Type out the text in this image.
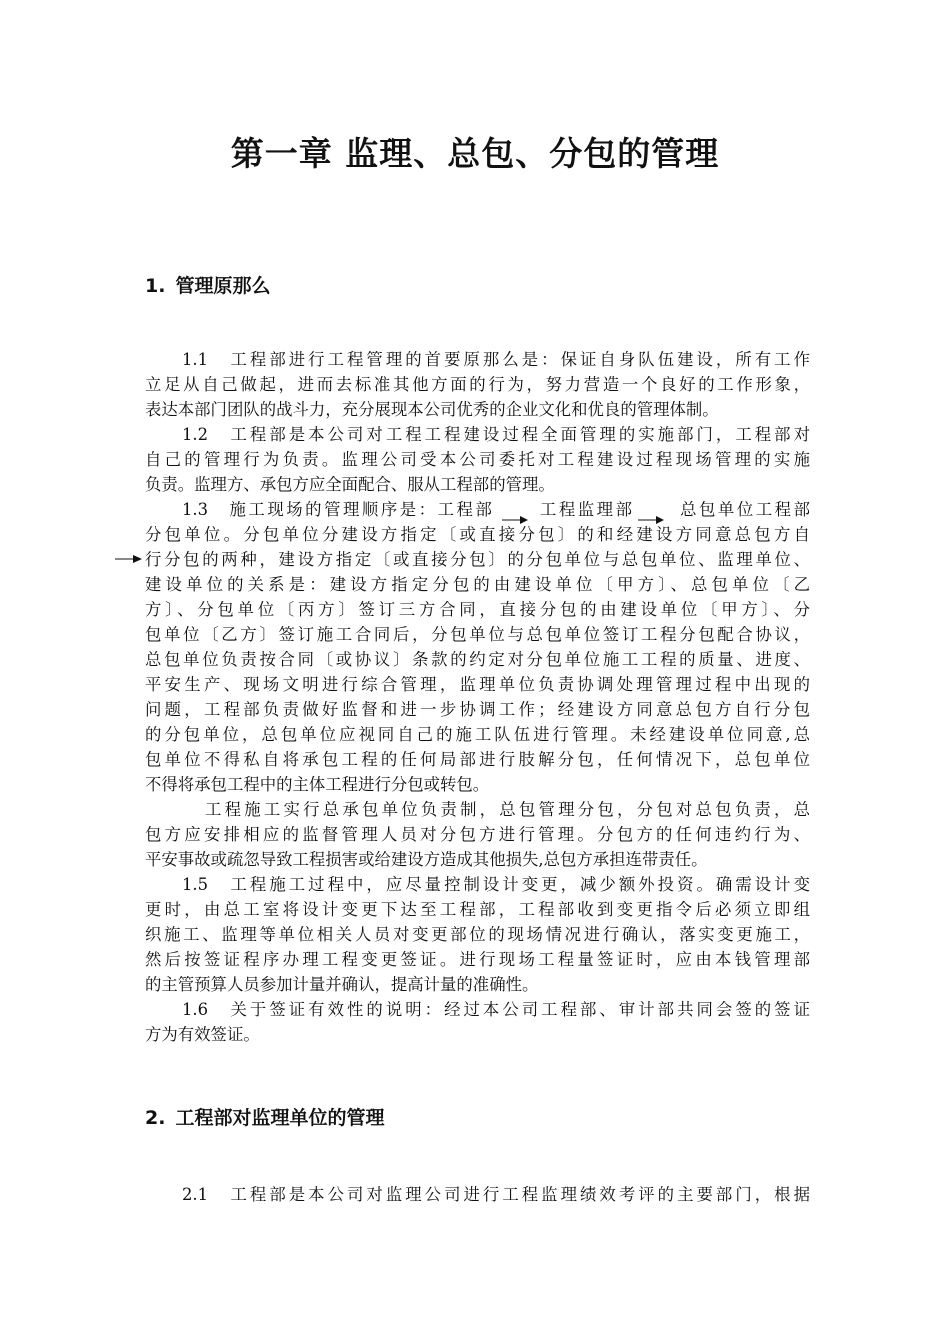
第一章 监理、总包、分包的管理
1. 管理原那么
2. 工程部对监理单位的管理

1.1　工程部进行工程管理的首要原那么是：保证自身队伍建设，所有工作

立足从自己做起，进而去标准其他方面的行为，努力营造一个良好的工作形象，

表达本部门团队的战斗力，充分展现本公司优秀的企业文化和优良的管理体制。

1.2　工程部是本公司对工程工程建设过程全面管理的实施部门，工程部对

自己的管理行为负责。监理公司受本公司委托对工程建设过程现场管理的实施

负责。监理方、承包方应全面配合、服从工程部的管理。

1.3　施工现场的管理顺序是：工程部　　 工程监理部　　 总包单位工程部

分包单位。分包单位分建设方指定〔或直接分包〕的和经建设方同意总包方自

行分包的两种，建设方指定〔或直接分包〕的分包单位与总包单位、监理单位、

建设单位的关系是：建设方指定分包的由建设单位〔甲方〕、总包单位〔乙

方〕、分包单位〔丙方〕签订三方合同，直接分包的由建设单位〔甲方〕、分

包单位〔乙方〕签订施工合同后，分包单位与总包单位签订工程分包配合协议，

总包单位负责按合同〔或协议〕条款的约定对分包单位施工工程的质量、进度、

平安生产、现场文明进行综合管理，监理单位负责协调处理管理过程中出现的

问题，工程部负责做好监督和进一步协调工作；经建设方同意总包方自行分包

的分包单位，总包单位应视同自己的施工队伍进行管理。未经建设单位同意,总

包单位不得私自将承包工程的任何局部进行肢解分包，任何情况下，总包单位

不得将承包工程中的主体工程进行分包或转包。

工程施工实行总承包单位负责制，总包管理分包，分包对总包负责，总

包方应安排相应的监督管理人员对分包方进行管理。分包方的任何违约行为、

平安事故或疏忽导致工程损害或给建设方造成其他损失,总包方承担连带责任。

1.5　工程施工过程中，应尽量控制设计变更，减少额外投资。确需设计变

更时，由总工室将设计变更下达至工程部，工程部收到变更指令后必须立即组

织施工、监理等单位相关人员对变更部位的现场情况进行确认，落实变更施工，

然后按签证程序办理工程变更签证。进行现场工程量签证时，应由本钱管理部

的主管预算人员参加计量并确认，提高计量的准确性。

1.6　关于签证有效性的说明：经过本公司工程部、审计部共同会签的签证

方为有效签证。

2.1　工程部是本公司对监理公司进行工程监理绩效考评的主要部门，根据
